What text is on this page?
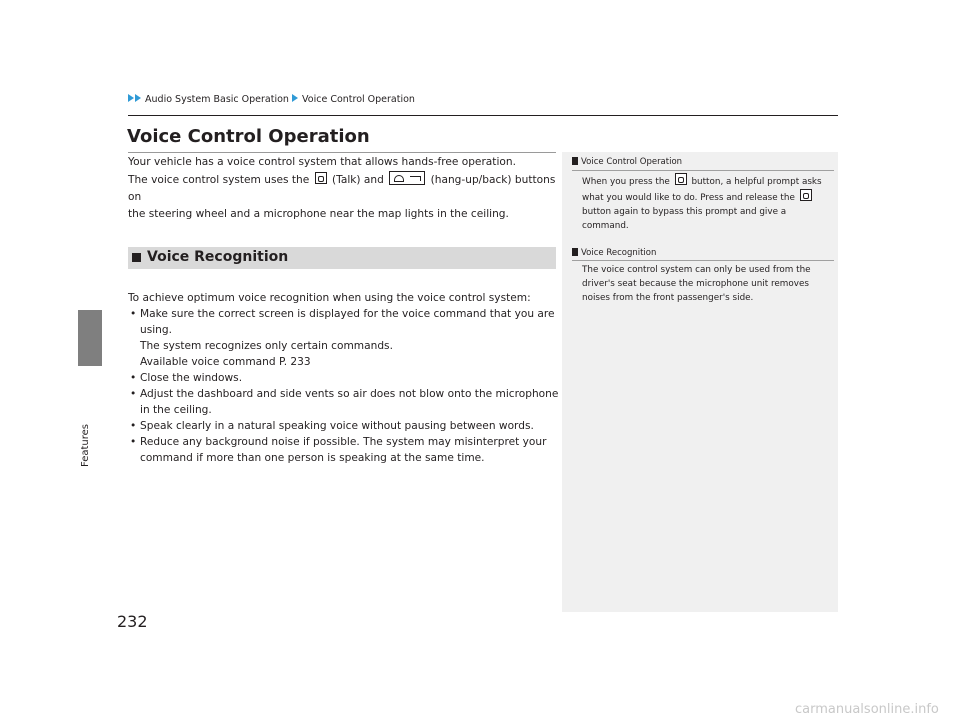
Features
Audio System Basic Operation Voice Control Operation
Voice Control Operation

Your vehicle has a voice control system that allows hands-free operation.

The voice control system uses the (Talk) and	(hang-up/back) buttons on

the steering wheel and a microphone near the map lights in the ceiling.

Voice Recognition

To achieve optimum voice recognition when using the voice control system:

• Make sure the correct screen is displayed for the voice command that you are using.
The system recognizes only certain commands.
Available voice command P. 233
• Close the windows.
• Adjust the dashboard and side vents so air does not blow onto the microphone in the ceiling.
• Speak clearly in a natural speaking voice without pausing between words.
• Reduce any background noise if possible. The system may misinterpret your command if more than one person is speaking at the same time.
Voice Control Operation
When you press the button, a helpful prompt asks what you would like to do. Press and release the  button again to bypass this prompt and give a command.
Voice Recognition
The voice control system can only be used from the driver's seat because the microphone unit removes noises from the front passenger's side.
232
carmanualsonline.info
